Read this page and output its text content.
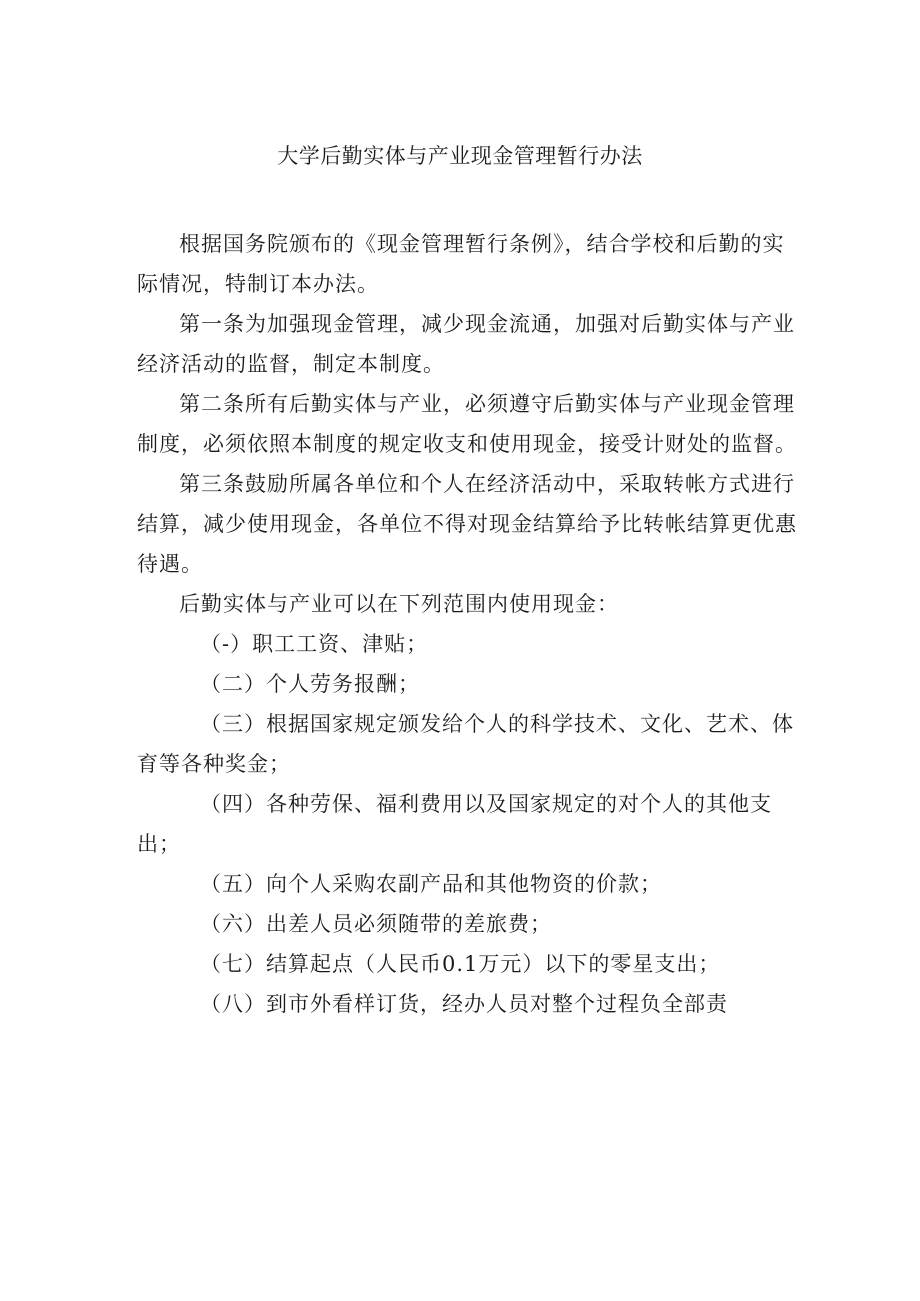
大学后勤实体与产业现金管理暂行办法

根据国务院颁布的《现金管理暂行条例》，结合学校和后勤的实际情况，特制订本办法。

第一条为加强现金管理，减少现金流通，加强对后勤实体与产业经济活动的监督，制定本制度。

第二条所有后勤实体与产业，必须遵守后勤实体与产业现金管理制度，必须依照本制度的规定收支和使用现金，接受计财处的监督。

第三条鼓励所属各单位和个人在经济活动中，采取转帐方式进行结算，减少使用现金，各单位不得对现金结算给予比转帐结算更优惠待遇。

后勤实体与产业可以在下列范围内使用现金：

（-）职工工资、津贴；

（二）个人劳务报酬；

（三）根据国家规定颁发给个人的科学技术、文化、艺术、体育等各种奖金；

（四）各种劳保、福利费用以及国家规定的对个人的其他支出；

（五）向个人采购农副产品和其他物资的价款；

（六）出差人员必须随带的差旅费；

（七）结算起点（人民币0.1万元）以下的零星支出；

（八）到市外看样订货，经办人员对整个过程负全部责
